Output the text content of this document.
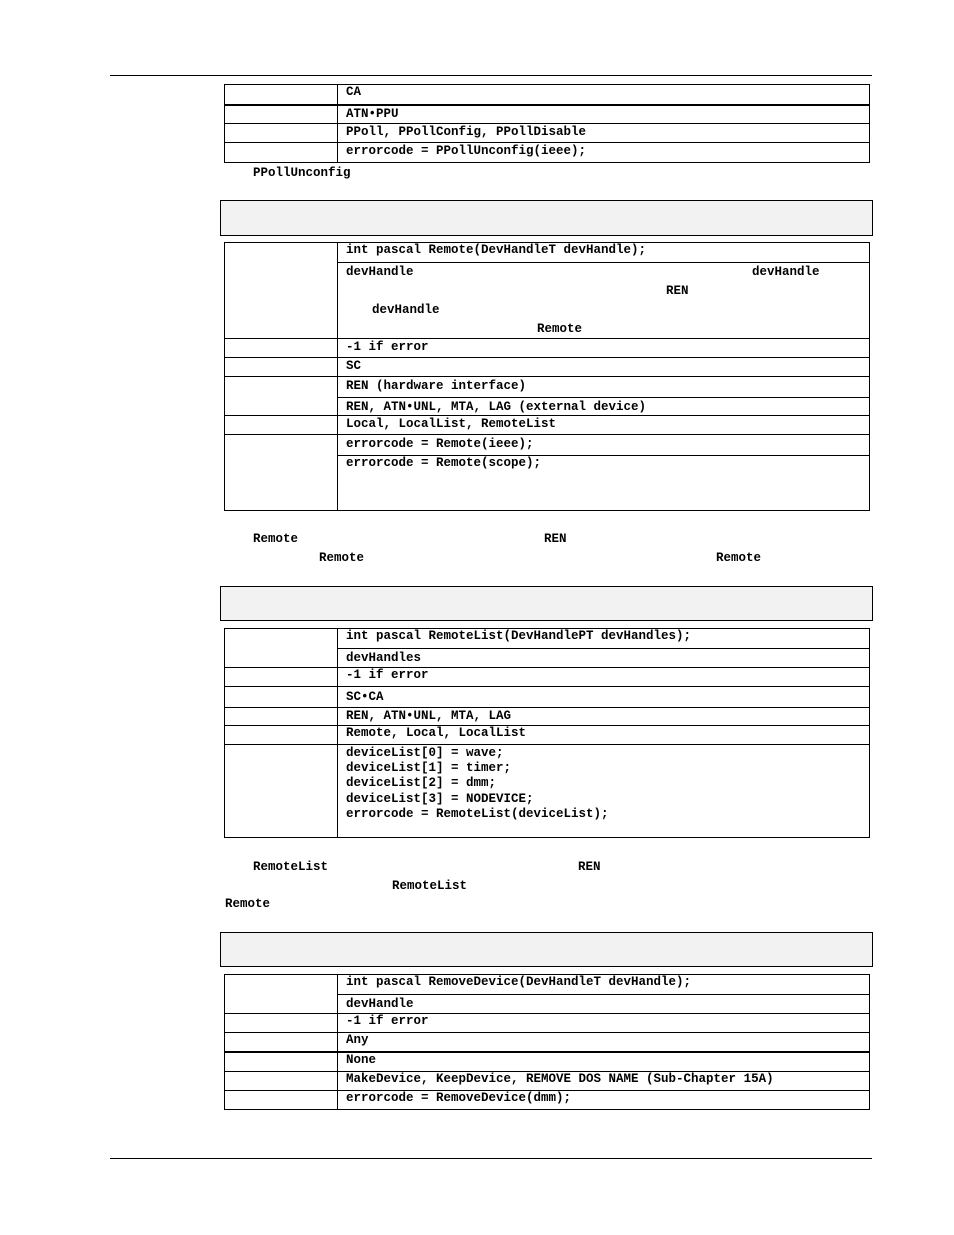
CA
ATN•PPU
PPoll, PPollConfig, PPollDisable
errorcode = PPollUnconfig(ieee);
PPollUnconfig
int pascal Remote(DevHandleT devHandle);
devHandle	devHandle
REN
devHandle
Remote
-1 if error
SC
REN (hardware interface)
REN, ATN•UNL, MTA, LAG (external device)
Local, LocalList, RemoteList
errorcode = Remote(ieee);
errorcode = Remote(scope);
Remote	REN
Remote	Remote
int pascal RemoteList(DevHandlePT devHandles);
devHandles
-1 if error
SC•CA
REN, ATN•UNL, MTA, LAG
Remote, Local, LocalList
deviceList[0] = wave;
deviceList[1] = timer;
deviceList[2] = dmm;
deviceList[3] = NODEVICE;
errorcode = RemoteList(deviceList);
RemoteList	REN
RemoteList
Remote
int pascal RemoveDevice(DevHandleT devHandle);
devHandle
-1 if error
Any
None
MakeDevice, KeepDevice, REMOVE DOS NAME (Sub-Chapter 15A)
errorcode = RemoveDevice(dmm);
